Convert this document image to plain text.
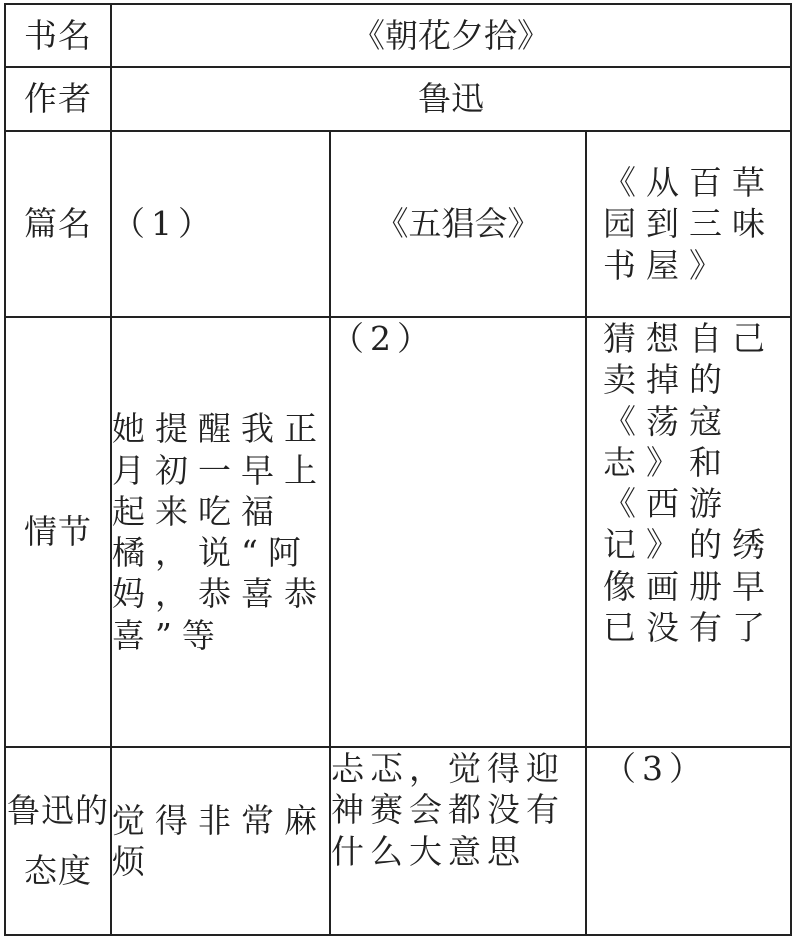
书名	《朝花夕拾》		
作者	鲁迅		
篇名	（1）	《五猖会》	《从百草园到三味书屋》
情节	她提醒我正月初一早上起来吃福橘，说“阿妈，恭喜恭喜”等	（2）	猜想自己卖掉的《荡寇志》和《西游记》的绣像画册早已没有了
鲁迅的态度	觉得非常麻烦	忐忑，觉得迎神赛会都没有什么大意思	（3）
